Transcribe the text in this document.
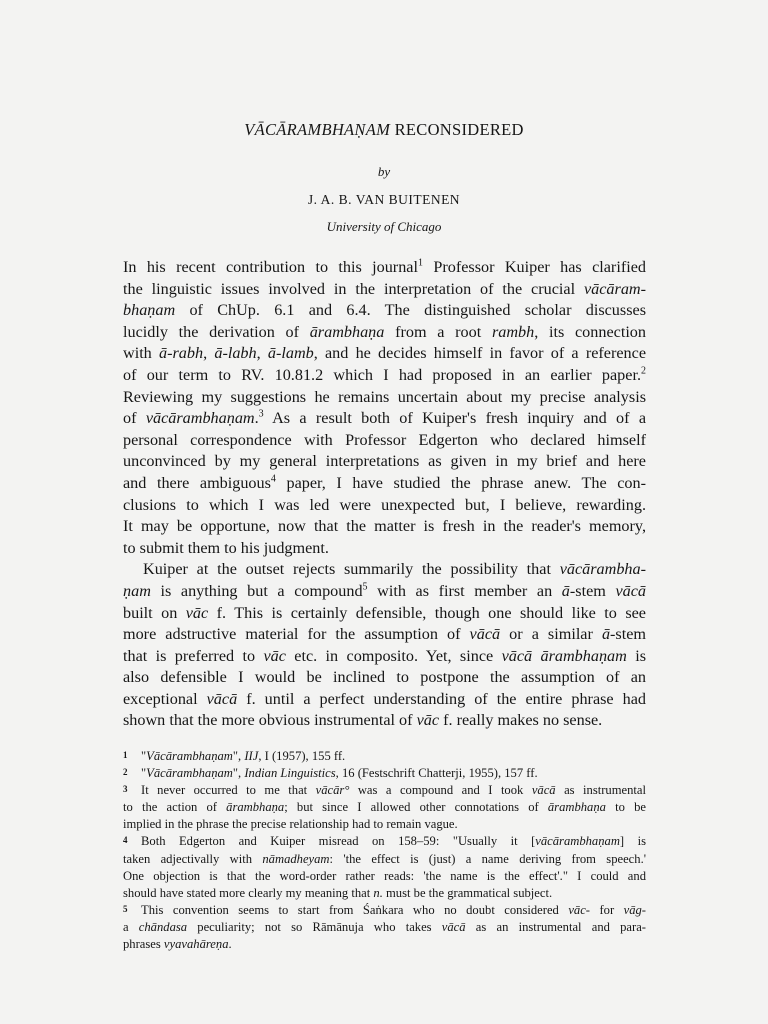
VĀCĀRAMBHAṆAM RECONSIDERED
by
J. A. B. VAN BUITENEN
University of Chicago
In his recent contribution to this journal$^1$ Professor Kuiper has clarified
the linguistic issues involved in the interpretation of the crucial vācāram-
bhaṇam of ChUp. 6.1 and 6.4. The distinguished scholar discusses
lucidly the derivation of ārambhaṇa from a root rambh, its connection
with ā-rabh, ā-labh, ā-lamb, and he decides himself in favor of a reference
of our term to RV. 10.81.2 which I had proposed in an earlier paper.$^2$
Reviewing my suggestions he remains uncertain about my precise analysis
of vācārambhaṇam.$^3$ As a result both of Kuiper's fresh inquiry and of a
personal correspondence with Professor Edgerton who declared himself
unconvinced by my general interpretations as given in my brief and here
and there ambiguous$^4$ paper, I have studied the phrase anew. The con-
clusions to which I was led were unexpected but, I believe, rewarding.
It may be opportune, now that the matter is fresh in the reader's memory,
to submit them to his judgment.
Kuiper at the outset rejects summarily the possibility that vācārambha-
ṇam is anything but a compound$^5$ with as first member an ā-stem vācā
built on vāc f. This is certainly defensible, though one should like to see
more adstructive material for the assumption of vācā or a similar ā-stem
that is preferred to vāc etc. in composito. Yet, since vācā ārambhaṇam is
also defensible I would be inclined to postpone the assumption of an
exceptional vācā f. until a perfect understanding of the entire phrase had
shown that the more obvious instrumental of vāc f. really makes no sense.
1 "Vācārambhaṇam", IIJ, I (1957), 155 ff.
2 "Vācārambhaṇam", Indian Linguistics, 16 (Festschrift Chatterji, 1955), 157 ff.
3 It never occurred to me that vācār° was a compound and I took vācā as instrumental
to the action of ārambhaṇa; but since I allowed other connotations of ārambhaṇa to be
implied in the phrase the precise relationship had to remain vague.
4 Both Edgerton and Kuiper misread on 158–59: "Usually it [vācārambhaṇam] is
taken adjectivally with nāmadheyam: 'the effect is (just) a name deriving from speech.'
One objection is that the word-order rather reads: 'the name is the effect'." I could and
should have stated more clearly my meaning that n. must be the grammatical subject.
5 This convention seems to start from Śaṅkara who no doubt considered vāc- for vāg-
a chāndasa peculiarity; not so Rāmānuja who takes vācā as an instrumental and para-
phrases vyavahāreṇa.
